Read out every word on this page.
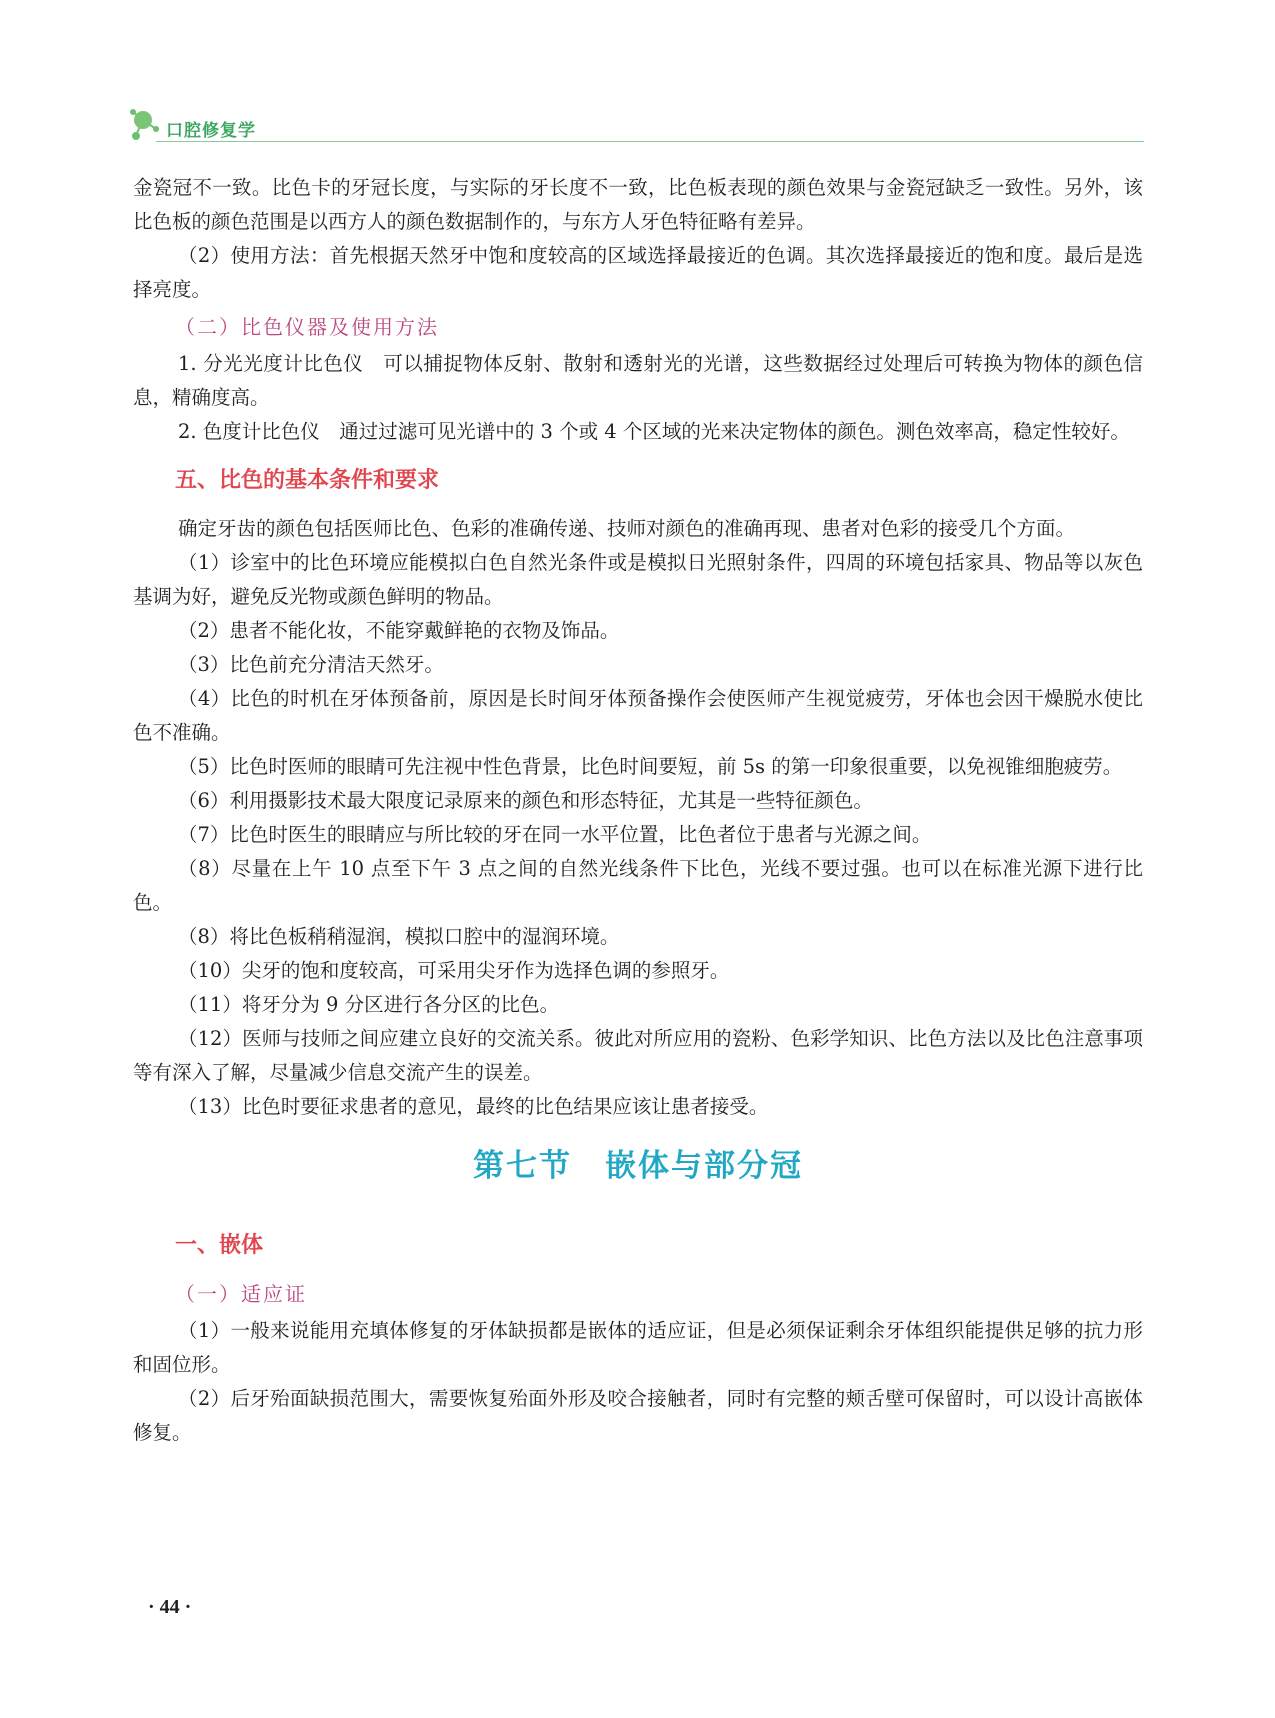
口腔修复学

金瓷冠不一致。比色卡的牙冠长度，与实际的牙长度不一致，比色板表现的颜色效果与金瓷冠缺乏一致性。另外，该比色板的颜色范围是以西方人的颜色数据制作的，与东方人牙色特征略有差异。

（2）使用方法：首先根据天然牙中饱和度较高的区域选择最接近的色调。其次选择最接近的饱和度。最后是选择亮度。

（二）比色仪器及使用方法

1. 分光光度计比色仪　可以捕捉物体反射、散射和透射光的光谱，这些数据经过处理后可转换为物体的颜色信息，精确度高。

2. 色度计比色仪　通过过滤可见光谱中的 3 个或 4 个区域的光来决定物体的颜色。测色效率高，稳定性较好。

五、比色的基本条件和要求

确定牙齿的颜色包括医师比色、色彩的准确传递、技师对颜色的准确再现、患者对色彩的接受几个方面。

（1）诊室中的比色环境应能模拟白色自然光条件或是模拟日光照射条件，四周的环境包括家具、物品等以灰色基调为好，避免反光物或颜色鲜明的物品。

（2）患者不能化妆，不能穿戴鲜艳的衣物及饰品。

（3）比色前充分清洁天然牙。

（4）比色的时机在牙体预备前，原因是长时间牙体预备操作会使医师产生视觉疲劳，牙体也会因干燥脱水使比色不准确。

（5）比色时医师的眼睛可先注视中性色背景，比色时间要短，前 5s 的第一印象很重要，以免视锥细胞疲劳。

（6）利用摄影技术最大限度记录原来的颜色和形态特征，尤其是一些特征颜色。

（7）比色时医生的眼睛应与所比较的牙在同一水平位置，比色者位于患者与光源之间。

（8）尽量在上午 10 点至下午 3 点之间的自然光线条件下比色，光线不要过强。也可以在标准光源下进行比色。

（8）将比色板稍稍湿润，模拟口腔中的湿润环境。

（10）尖牙的饱和度较高，可采用尖牙作为选择色调的参照牙。

（11）将牙分为 9 分区进行各分区的比色。

（12）医师与技师之间应建立良好的交流关系。彼此对所应用的瓷粉、色彩学知识、比色方法以及比色注意事项等有深入了解，尽量减少信息交流产生的误差。

（13）比色时要征求患者的意见，最终的比色结果应该让患者接受。

第七节　嵌体与部分冠
一、嵌体
（一）适应证

（1）一般来说能用充填体修复的牙体缺损都是嵌体的适应证，但是必须保证剩余牙体组织能提供足够的抗力形和固位形。

（2）后牙殆面缺损范围大，需要恢复殆面外形及咬合接触者，同时有完整的颊舌壁可保留时，可以设计高嵌体修复。

· 44 ·
